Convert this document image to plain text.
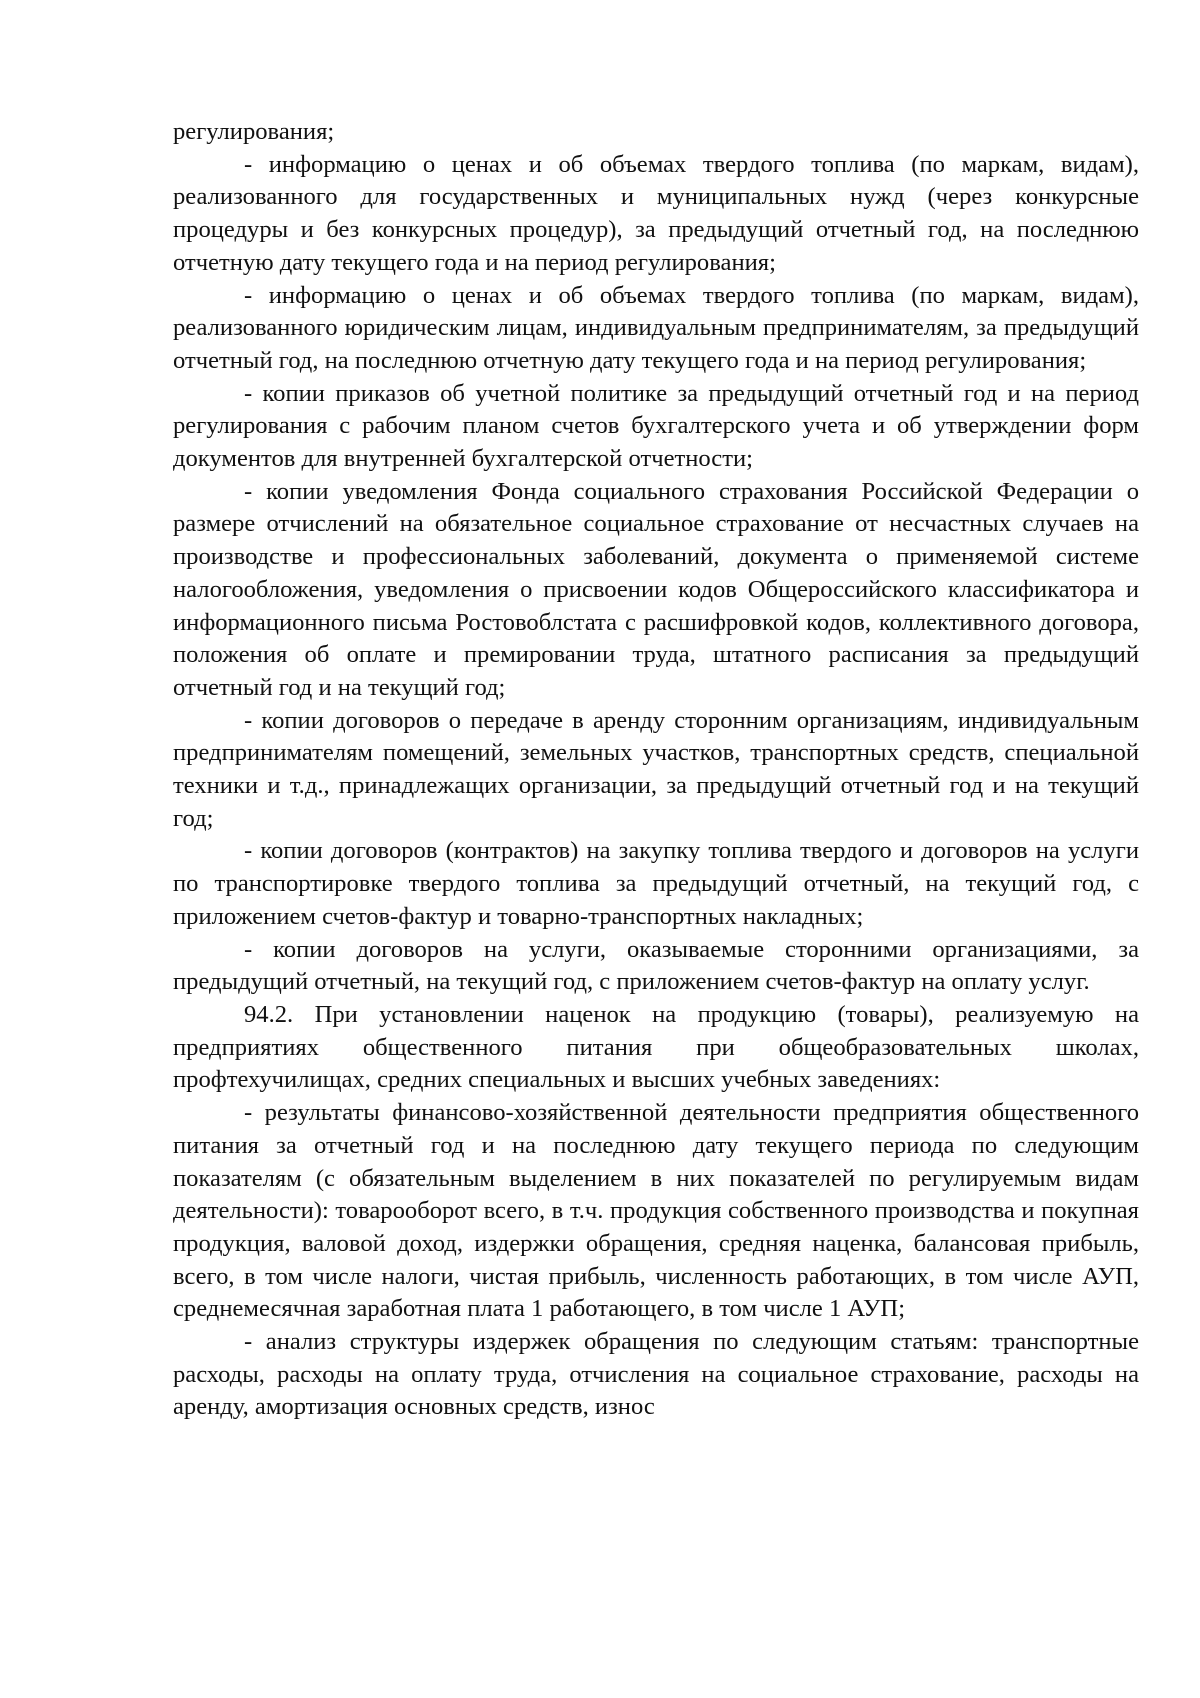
регулирования;

- информацию о ценах и об объемах твердого топлива (по маркам, видам), реализованного для государственных и муниципальных нужд (через конкурсные процедуры и без конкурсных процедур), за предыдущий отчетный год, на последнюю отчетную дату текущего года и на период регулирования;

- информацию о ценах и об объемах твердого топлива (по маркам, видам), реализованного юридическим лицам, индивидуальным предпринимателям, за предыдущий отчетный год, на последнюю отчетную дату текущего года и на период регулирования;

- копии приказов об учетной политике за предыдущий отчетный год и на период регулирования с рабочим планом счетов бухгалтерского учета и об утверждении форм документов для внутренней бухгалтерской отчетности;

- копии уведомления Фонда социального страхования Российской Федерации о размере отчислений на обязательное социальное страхование от несчастных случаев на производстве и профессиональных заболеваний, документа о применяемой системе налогообложения, уведомления о присвоении кодов Общероссийского классификатора и информационного письма Ростовоблстата с расшифровкой кодов, коллективного договора, положения об оплате и премировании труда, штатного расписания за предыдущий отчетный год и на текущий год;

- копии договоров о передаче в аренду сторонним организациям, индивидуальным предпринимателям помещений, земельных участков, транспортных средств, специальной техники и т.д., принадлежащих организации, за предыдущий отчетный год и на текущий год;

- копии договоров (контрактов) на закупку топлива твердого и договоров на услуги по транспортировке твердого топлива за предыдущий отчетный, на текущий год, с приложением счетов-фактур и товарно-транспортных накладных;

- копии договоров на услуги, оказываемые сторонними организациями, за предыдущий отчетный, на текущий год, с приложением счетов-фактур на оплату услуг.

94.2. При установлении наценок на продукцию (товары), реализуемую на предприятиях общественного питания при общеобразовательных школах, профтехучилищах, средних специальных и высших учебных заведениях:

- результаты финансово-хозяйственной деятельности предприятия общественного питания за отчетный год и на последнюю дату текущего периода по следующим показателям (с обязательным выделением в них показателей по регулируемым видам деятельности): товарооборот всего, в т.ч. продукция собственного производства и покупная продукция, валовой доход, издержки обращения, средняя наценка, балансовая прибыль, всего, в том числе налоги, чистая прибыль, численность работающих, в том числе АУП, среднемесячная заработная плата 1 работающего, в том числе 1 АУП;

- анализ структуры издержек обращения по следующим статьям: транспортные расходы, расходы на оплату труда, отчисления на социальное страхование, расходы на аренду, амортизация основных средств, износ
